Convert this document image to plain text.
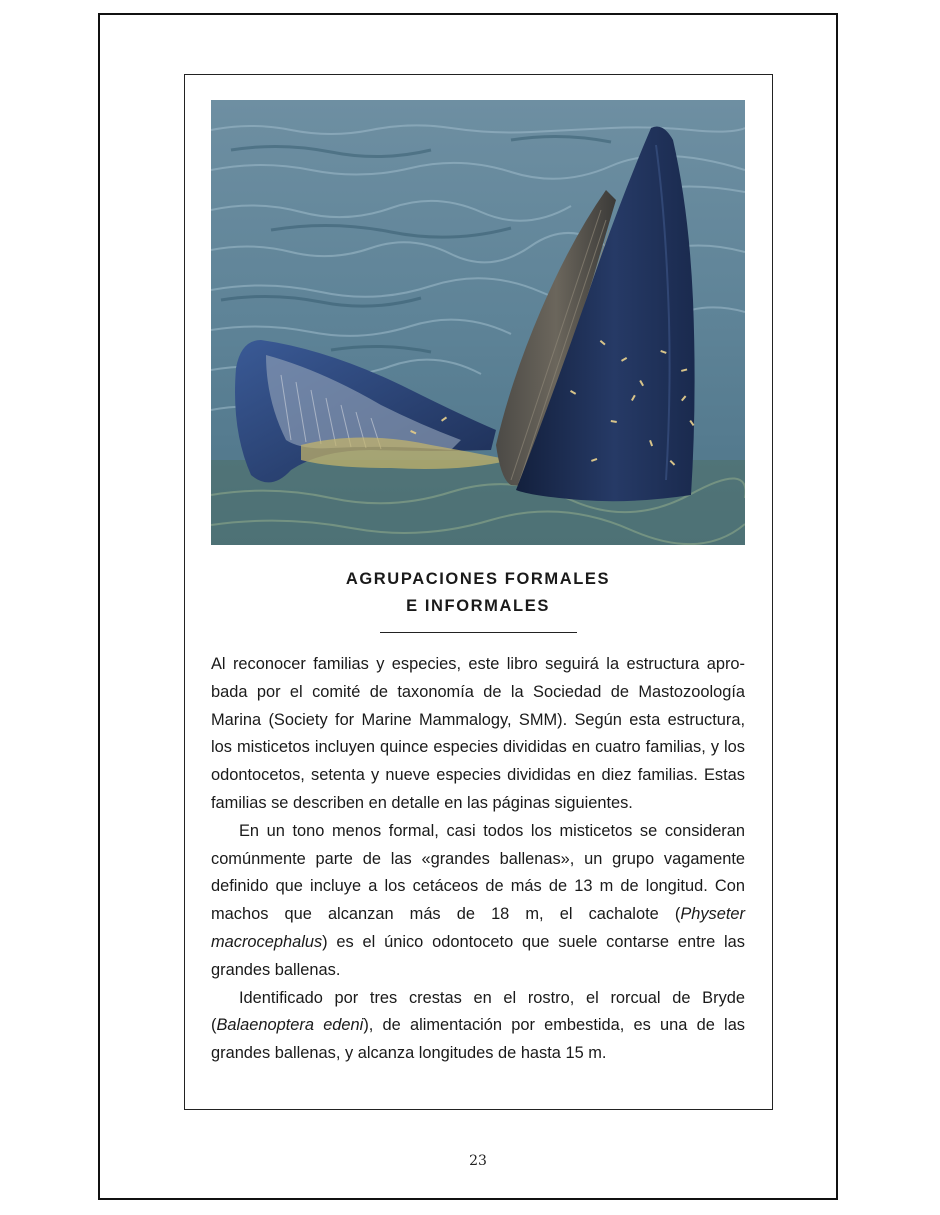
AGRUPACIONES FORMALES
E INFORMALES

Al reconocer familias y especies, este libro seguirá la estructura aprobada por el comité de taxonomía de la Sociedad de Mastozoología Marina (Society for Marine Mammalogy, SMM). Según esta estructura, los misticetos incluyen quince especies divididas en cuatro familias, y los odontocetos, setenta y nueve especies divididas en diez familias. Estas familias se describen en detalle en las páginas siguientes.

En un tono menos formal, casi todos los misticetos se consideran comúnmente parte de las «grandes ballenas», un grupo vagamente definido que incluye a los cetáceos de más de 13 m de longitud. Con machos que alcanzan más de 18 m, el cachalote (Physeter macrocephalus) es el único odontoceto que suele contarse entre las grandes ballenas.

Identificado por tres crestas en el rostro, el rorcual de Bryde (Balaenoptera edeni), de alimentación por embestida, es una de las grandes ballenas, y alcanza longitudes de hasta 15 m.

23
